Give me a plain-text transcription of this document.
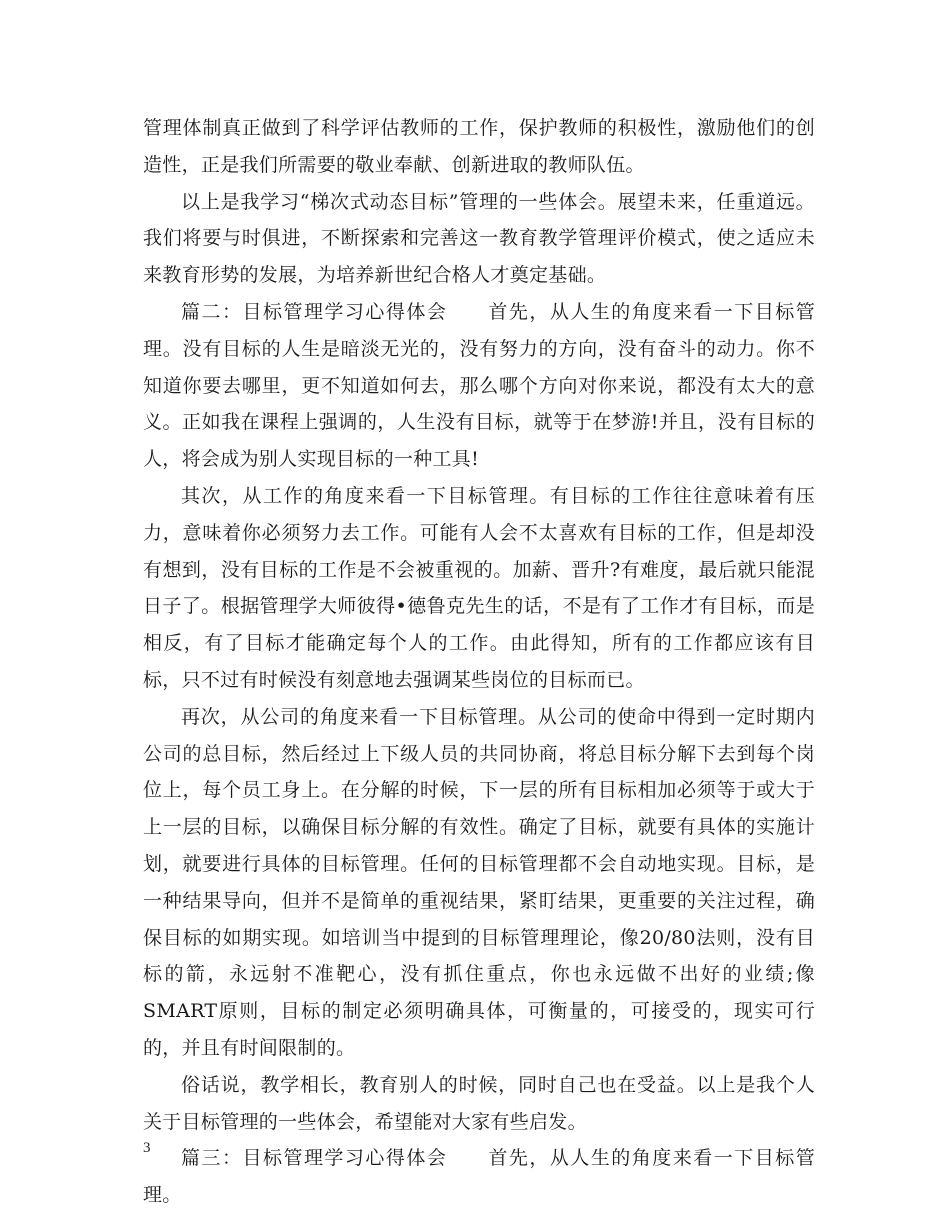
管理体制真正做到了科学评估教师的工作，保护教师的积极性，激励他们的创造性，正是我们所需要的敬业奉献、创新进取的教师队伍。

以上是我学习“梯次式动态目标”管理的一些体会。展望未来，任重道远。我们将要与时俱进，不断探索和完善这一教育教学管理评价模式，使之适应未来教育形势的发展，为培养新世纪合格人才奠定基础。

篇二：目标管理学习心得体会　　首先，从人生的角度来看一下目标管理。没有目标的人生是暗淡无光的，没有努力的方向，没有奋斗的动力。你不知道你要去哪里，更不知道如何去，那么哪个方向对你来说，都没有太大的意义。正如我在课程上强调的，人生没有目标，就等于在梦游!并且，没有目标的人，将会成为别人实现目标的一种工具!

其次，从工作的角度来看一下目标管理。有目标的工作往往意味着有压力，意味着你必须努力去工作。可能有人会不太喜欢有目标的工作，但是却没有想到，没有目标的工作是不会被重视的。加薪、晋升?有难度，最后就只能混日子了。根据管理学大师彼得•德鲁克先生的话，不是有了工作才有目标，而是相反，有了目标才能确定每个人的工作。由此得知，所有的工作都应该有目标，只不过有时候没有刻意地去强调某些岗位的目标而已。

再次，从公司的角度来看一下目标管理。从公司的使命中得到一定时期内公司的总目标，然后经过上下级人员的共同协商，将总目标分解下去到每个岗位上，每个员工身上。在分解的时候，下一层的所有目标相加必须等于或大于上一层的目标，以确保目标分解的有效性。确定了目标，就要有具体的实施计划，就要进行具体的目标管理。任何的目标管理都不会自动地实现。目标，是一种结果导向，但并不是简单的重视结果，紧盯结果，更重要的关注过程，确保目标的如期实现。如培训当中提到的目标管理理论，像20/80法则，没有目标的箭，永远射不准靶心，没有抓住重点，你也永远做不出好的业绩;像SMART原则，目标的制定必须明确具体，可衡量的，可接受的，现实可行的，并且有时间限制的。

俗话说，教学相长，教育别人的时候，同时自己也在受益。以上是我个人关于目标管理的一些体会，希望能对大家有些启发。

篇三：目标管理学习心得体会　　首先，从人生的角度来看一下目标管理。

3
